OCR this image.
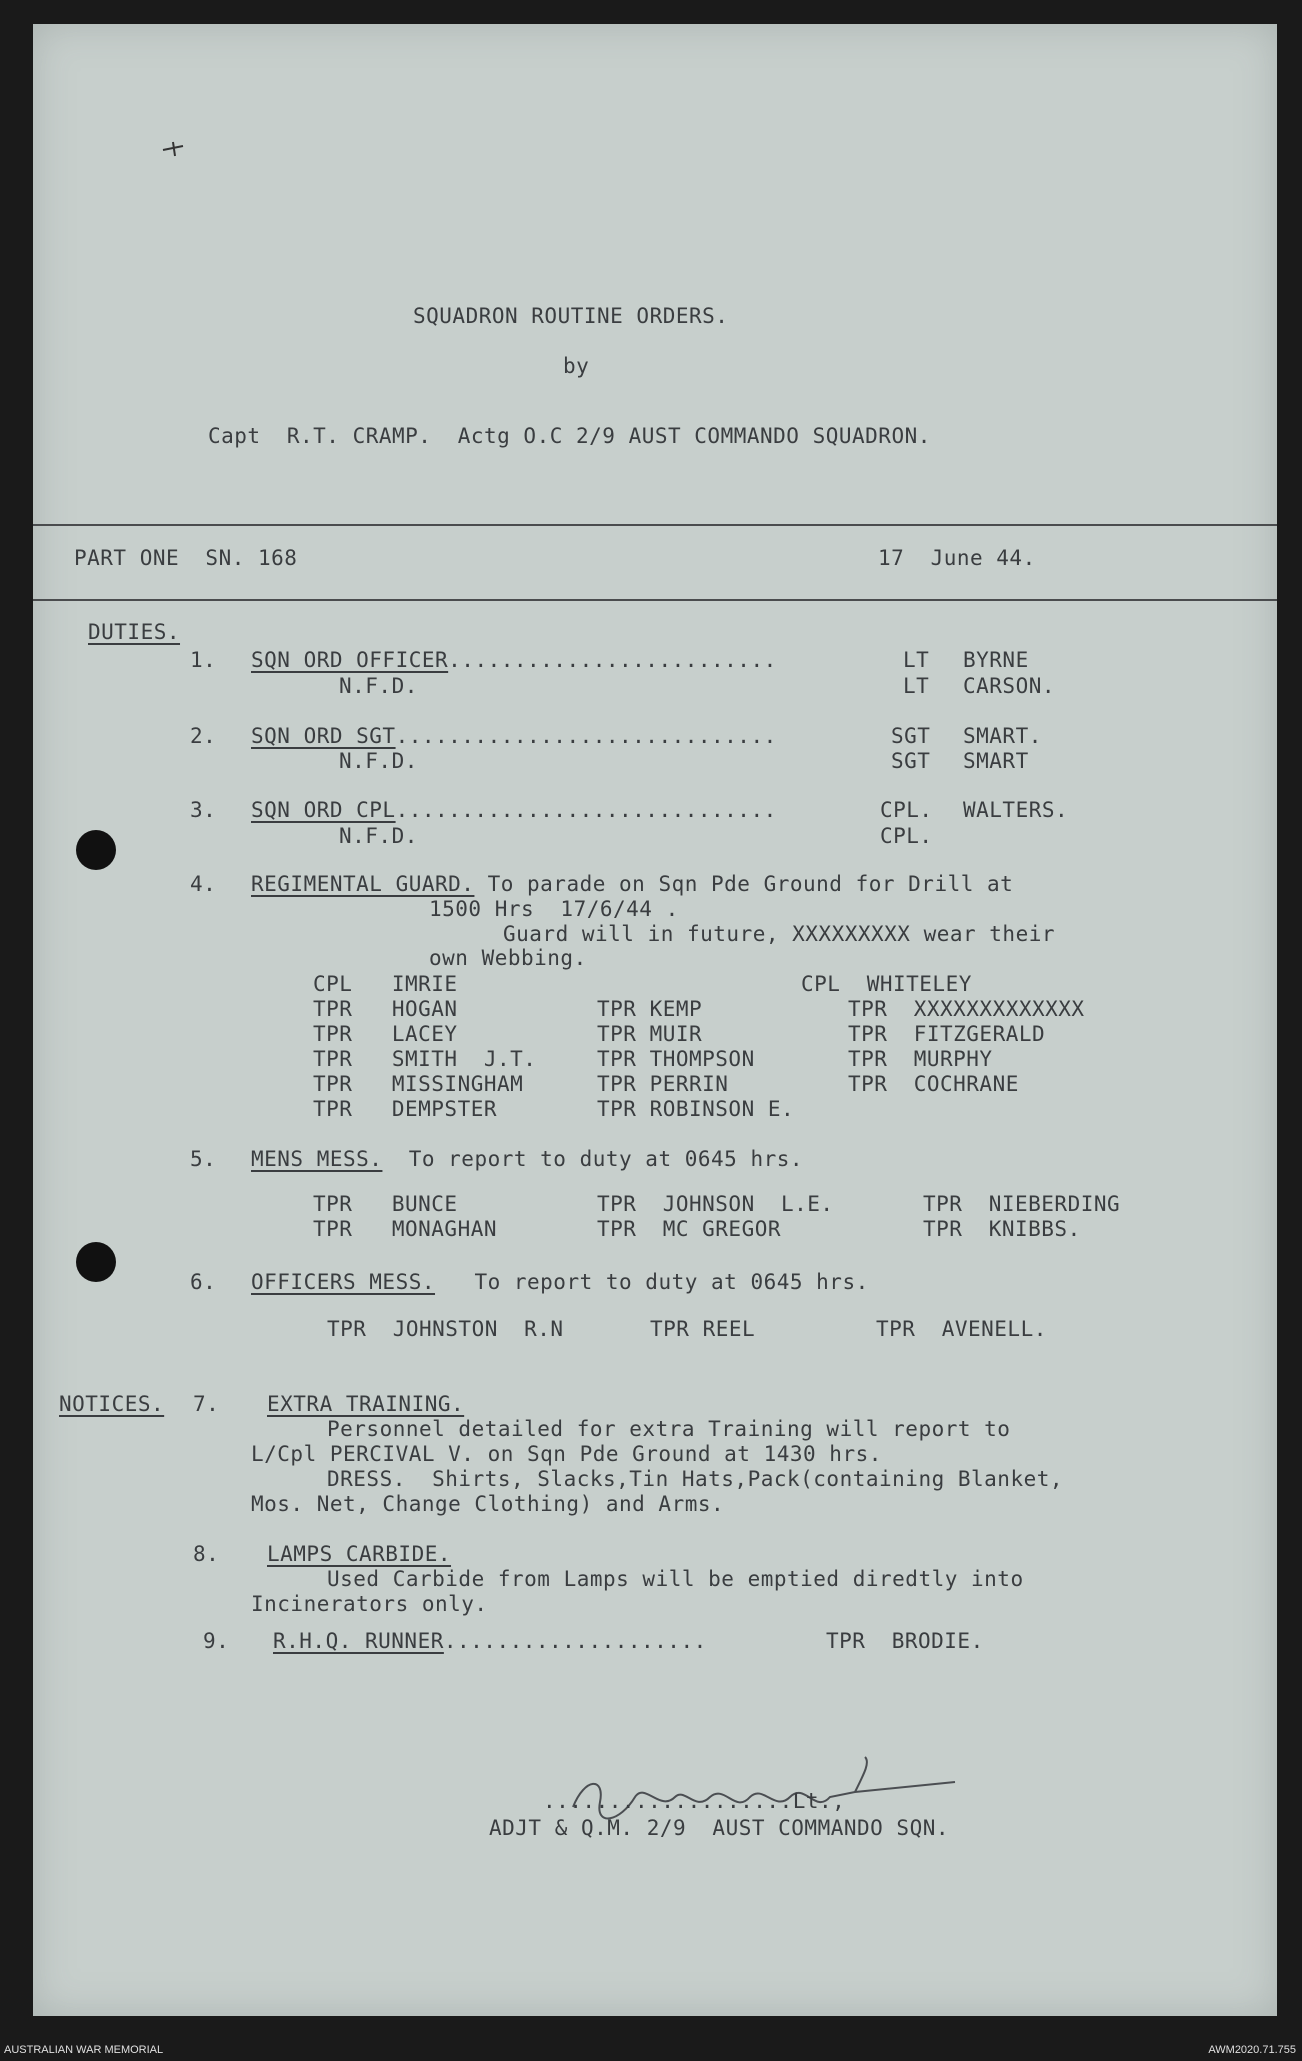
SQUADRON ROUTINE ORDERS.
by
Capt  R.T. CRAMP.  Actg O.C 2/9 AUST COMMANDO SQUADRON.
PART ONE  SN. 168	17  June 44.
DUTIES.
1. SQN ORD OFFICER.........................	LT BYRNE
N.F.D.	LT CARSON.
2. SQN ORD SGT.............................	SGT SMART.
N.F.D.	SGT SMART
3. SQN ORD CPL.............................	CPL. WALTERS.
N.F.D.	CPL.
4. REGIMENTAL GUARD. To parade on Sqn Pde Ground for Drill at
1500 Hrs  17/6/44 .
Guard will in future, XXXXXXXXX wear their
own Webbing.
CPL   IMRIE	CPL  WHITELEY
TPR   HOGAN	TPR KEMP	TPR  XXXXXXXXXXXXX
TPR   LACEY	TPR MUIR	TPR  FITZGERALD
TPR   SMITH  J.T.	TPR THOMPSON	TPR  MURPHY
TPR   MISSINGHAM	TPR PERRIN	TPR  COCHRANE
TPR   DEMPSTER	TPR ROBINSON E.
5. MENS MESS.  To report to duty at 0645 hrs.
TPR   BUNCE	TPR  JOHNSON  L.E.	TPR  NIEBERDING
TPR   MONAGHAN	TPR  MC GREGOR	TPR  KNIBBS.
6. OFFICERS MESS.   To report to duty at 0645 hrs.
TPR  JOHNSTON  R.N	TPR REEL	TPR  AVENELL.
NOTICES. 7. EXTRA TRAINING.
Personnel detailed for extra Training will report to
L/Cpl PERCIVAL V. on Sqn Pde Ground at 1430 hrs.
DRESS.  Shirts, Slacks,Tin Hats,Pack(containing Blanket,
Mos. Net, Change Clothing) and Arms.
8. LAMPS CARBIDE.
Used Carbide from Lamps will be emptied diredtly into
Incinerators only.
9. R.H.Q. RUNNER....................	TPR  BRODIE.
...................Lt.,
ADJT & Q.M. 2/9  AUST COMMANDO SQN.
AUSTRALIAN WAR MEMORIAL	AWM2020.71.755
